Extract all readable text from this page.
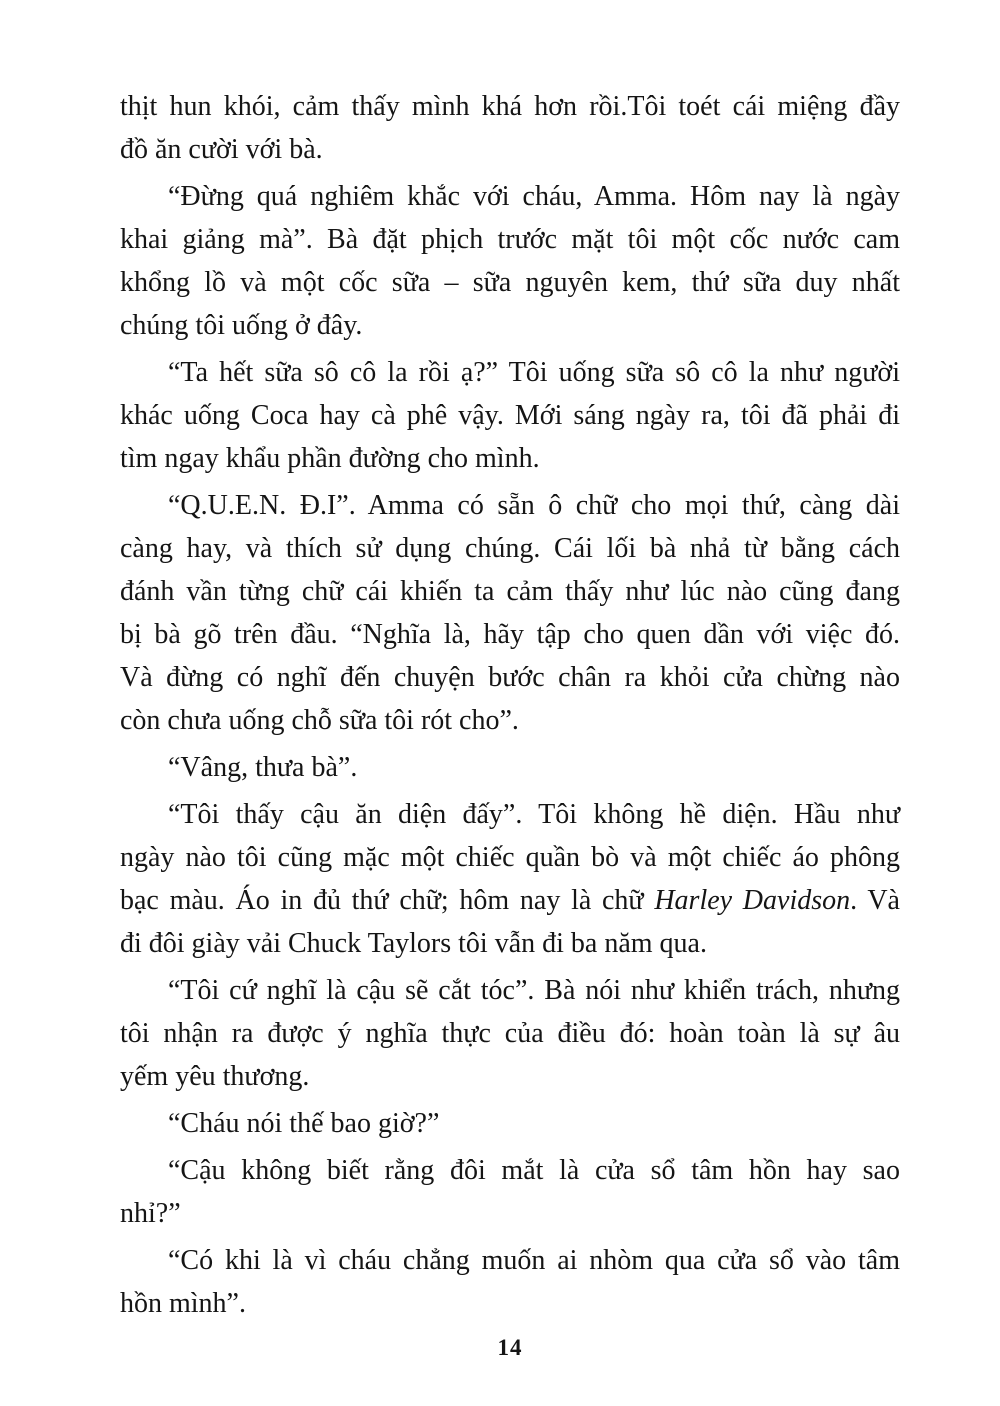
thịt hun khói, cảm thấy mình khá hơn rồi.Tôi toét cái miệng đầy
đồ ăn cười với bà.
“Đừng quá nghiêm khắc với cháu, Amma. Hôm nay là ngày
khai giảng mà”. Bà đặt phịch trước mặt tôi một cốc nước cam
khổng lồ và một cốc sữa – sữa nguyên kem, thứ sữa duy nhất
chúng tôi uống ở đây.
“Ta hết sữa sô cô la rồi ạ?” Tôi uống sữa sô cô la như người
khác uống Coca hay cà phê vậy. Mới sáng ngày ra, tôi đã phải đi
tìm ngay khẩu phần đường cho mình.
“Q.U.E.N. Đ.I”. Amma có sẵn ô chữ cho mọi thứ, càng dài
càng hay, và thích sử dụng chúng. Cái lối bà nhả từ bằng cách
đánh vần từng chữ cái khiến ta cảm thấy như lúc nào cũng đang
bị bà gõ trên đầu. “Nghĩa là, hãy tập cho quen dần với việc đó.
Và đừng có nghĩ đến chuyện bước chân ra khỏi cửa chừng nào
còn chưa uống chỗ sữa tôi rót cho”.
“Vâng, thưa bà”.
“Tôi thấy cậu ăn diện đấy”. Tôi không hề diện. Hầu như
ngày nào tôi cũng mặc một chiếc quần bò và một chiếc áo phông
bạc màu. Áo in đủ thứ chữ; hôm nay là chữ Harley Davidson. Và
đi đôi giày vải Chuck Taylors tôi vẫn đi ba năm qua.
“Tôi cứ nghĩ là cậu sẽ cắt tóc”. Bà nói như khiển trách, nhưng
tôi nhận ra được ý nghĩa thực của điều đó: hoàn toàn là sự âu
yếm yêu thương.
“Cháu nói thế bao giờ?”
“Cậu không biết rằng đôi mắt là cửa sổ tâm hồn hay sao
nhỉ?”
“Có khi là vì cháu chẳng muốn ai nhòm qua cửa sổ vào tâm
hồn mình”.
14
